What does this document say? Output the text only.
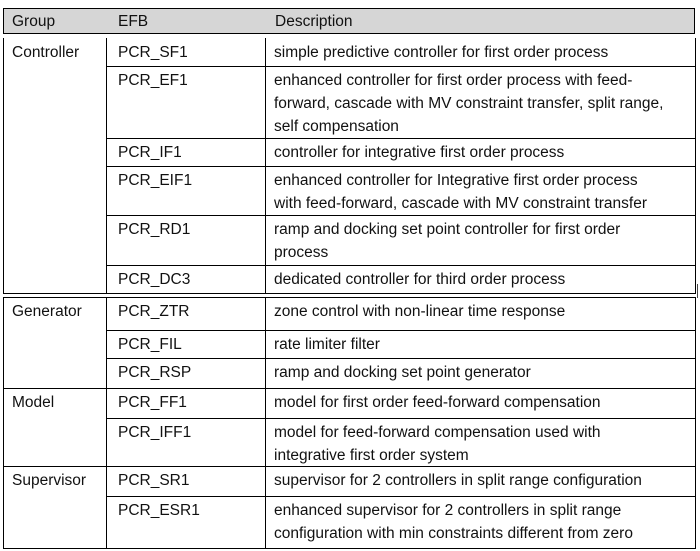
Group	EFB	Description
Controller	PCR_SF1	simple predictive controller for first order process
PCR_EF1	enhanced controller for first order process with feed-
forward, cascade with MV constraint transfer, split range,
self compensation
PCR_IF1	controller for integrative first order process
PCR_EIF1	enhanced controller for Integrative first order process
with feed-forward, cascade with MV constraint transfer
PCR_RD1	ramp and docking set point controller for first order
process
PCR_DC3	dedicated controller for third order process
Generator PCR_ZTR	zone control with non-linear time response
PCR_FIL	rate limiter filter
PCR_RSP	ramp and docking set point generator
Model	PCR_FF1	model for first order feed-forward compensation
PCR_IFF1	model for feed-forward compensation used with
integrative first order system
Supervisor PCR_SR1	supervisor for 2 controllers in split range configuration
PCR_ESR1	enhanced supervisor for 2 controllers in split range
configuration with min constraints different from zero
